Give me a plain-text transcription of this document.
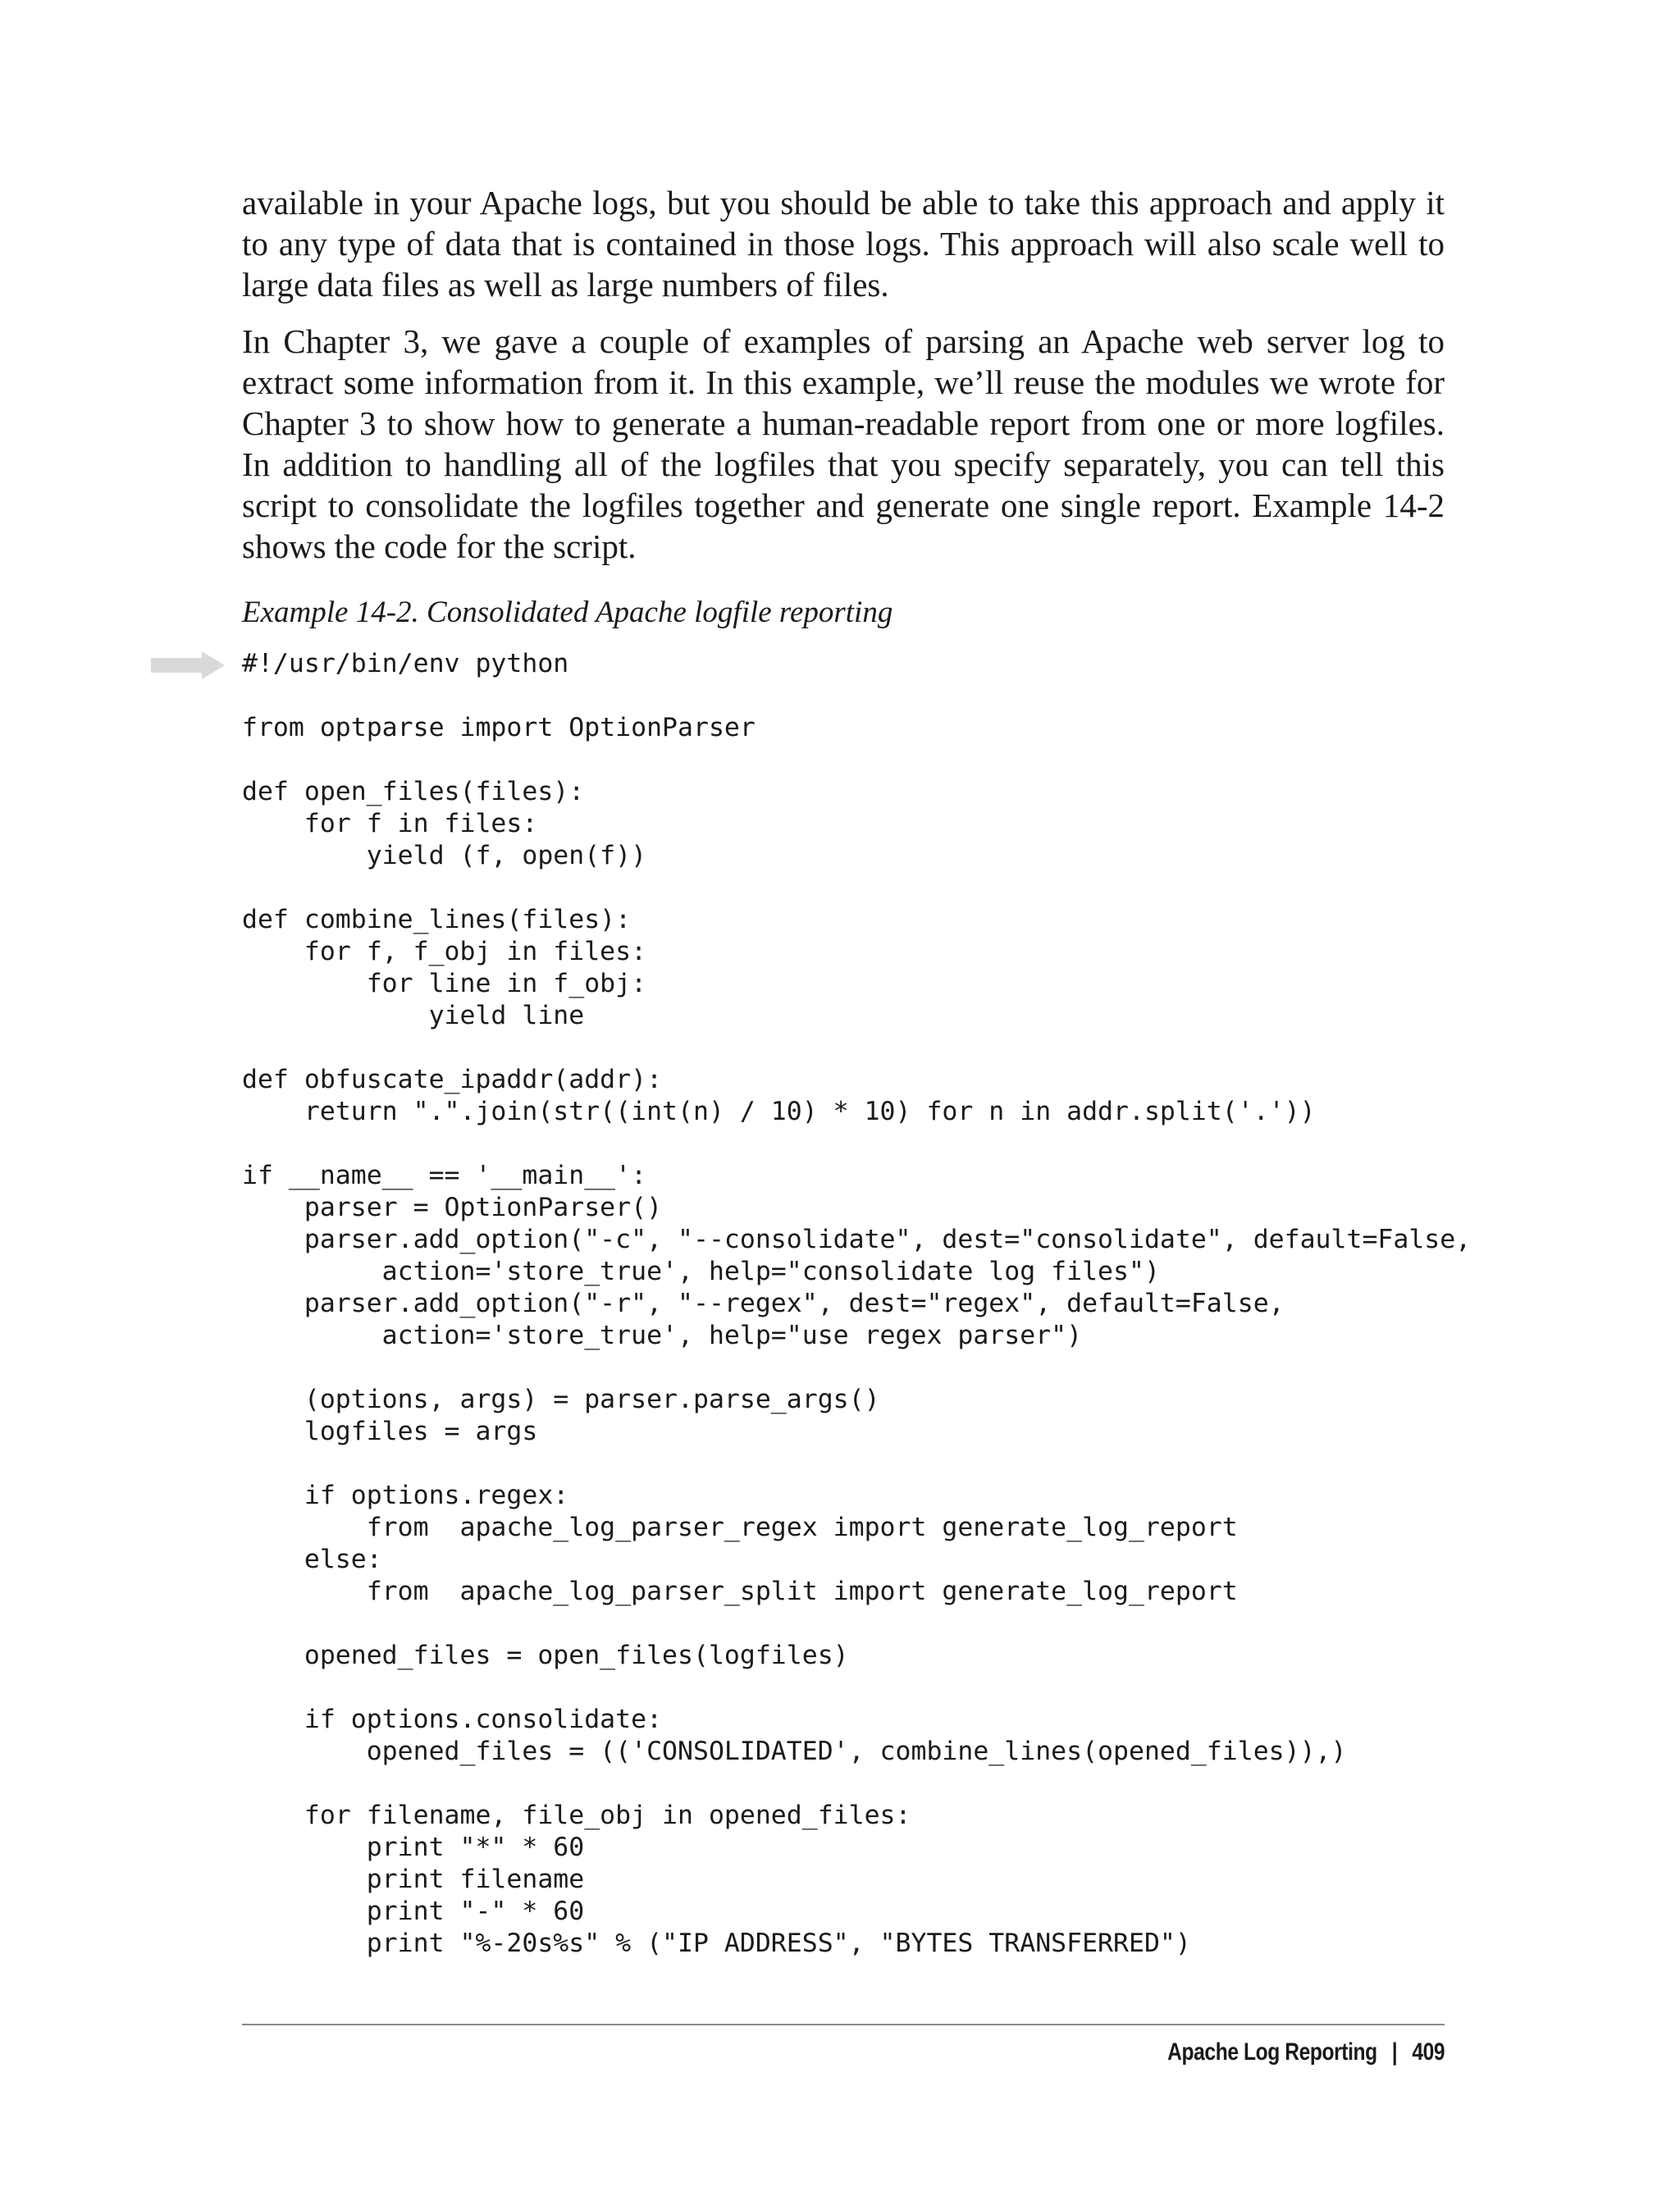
available in your Apache logs, but you should be able to take this approach and apply it to any type of data that is contained in those logs. This approach will also scale well to large data files as well as large numbers of files.

In Chapter 3, we gave a couple of examples of parsing an Apache web server log to extract some information from it. In this example, we’ll reuse the modules we wrote for Chapter 3 to show how to generate a human-readable report from one or more logfiles. In addition to handling all of the logfiles that you specify separately, you can tell this script to consolidate the logfiles together and generate one single report. Example 14-2 shows the code for the script.

Example 14-2. Consolidated Apache logfile reporting

#!/usr/bin/env python
from optparse import OptionParser
def open_files(files):
for f in files:
yield (f, open(f))
def combine_lines(files):
for f, f_obj in files:
for line in f_obj:
yield line
def obfuscate_ipaddr(addr):
return ".".join(str((int(n) / 10) * 10) for n in addr.split('.'))
if __name__ == '__main__':
parser = OptionParser()
parser.add_option("-c", "--consolidate", dest="consolidate", default=False,
action='store_true', help="consolidate log files")
parser.add_option("-r", "--regex", dest="regex", default=False,
action='store_true', help="use regex parser")
(options, args) = parser.parse_args()
logfiles = args
if options.regex:
from  apache_log_parser_regex import generate_log_report
else:
from  apache_log_parser_split import generate_log_report
opened_files = open_files(logfiles)
if options.consolidate:
opened_files = (('CONSOLIDATED', combine_lines(opened_files)),)
for filename, file_obj in opened_files:
print "*" * 60
print filename
print "-" * 60
print "%-20s%s" % ("IP ADDRESS", "BYTES TRANSFERRED")
Apache Log Reporting | 409
